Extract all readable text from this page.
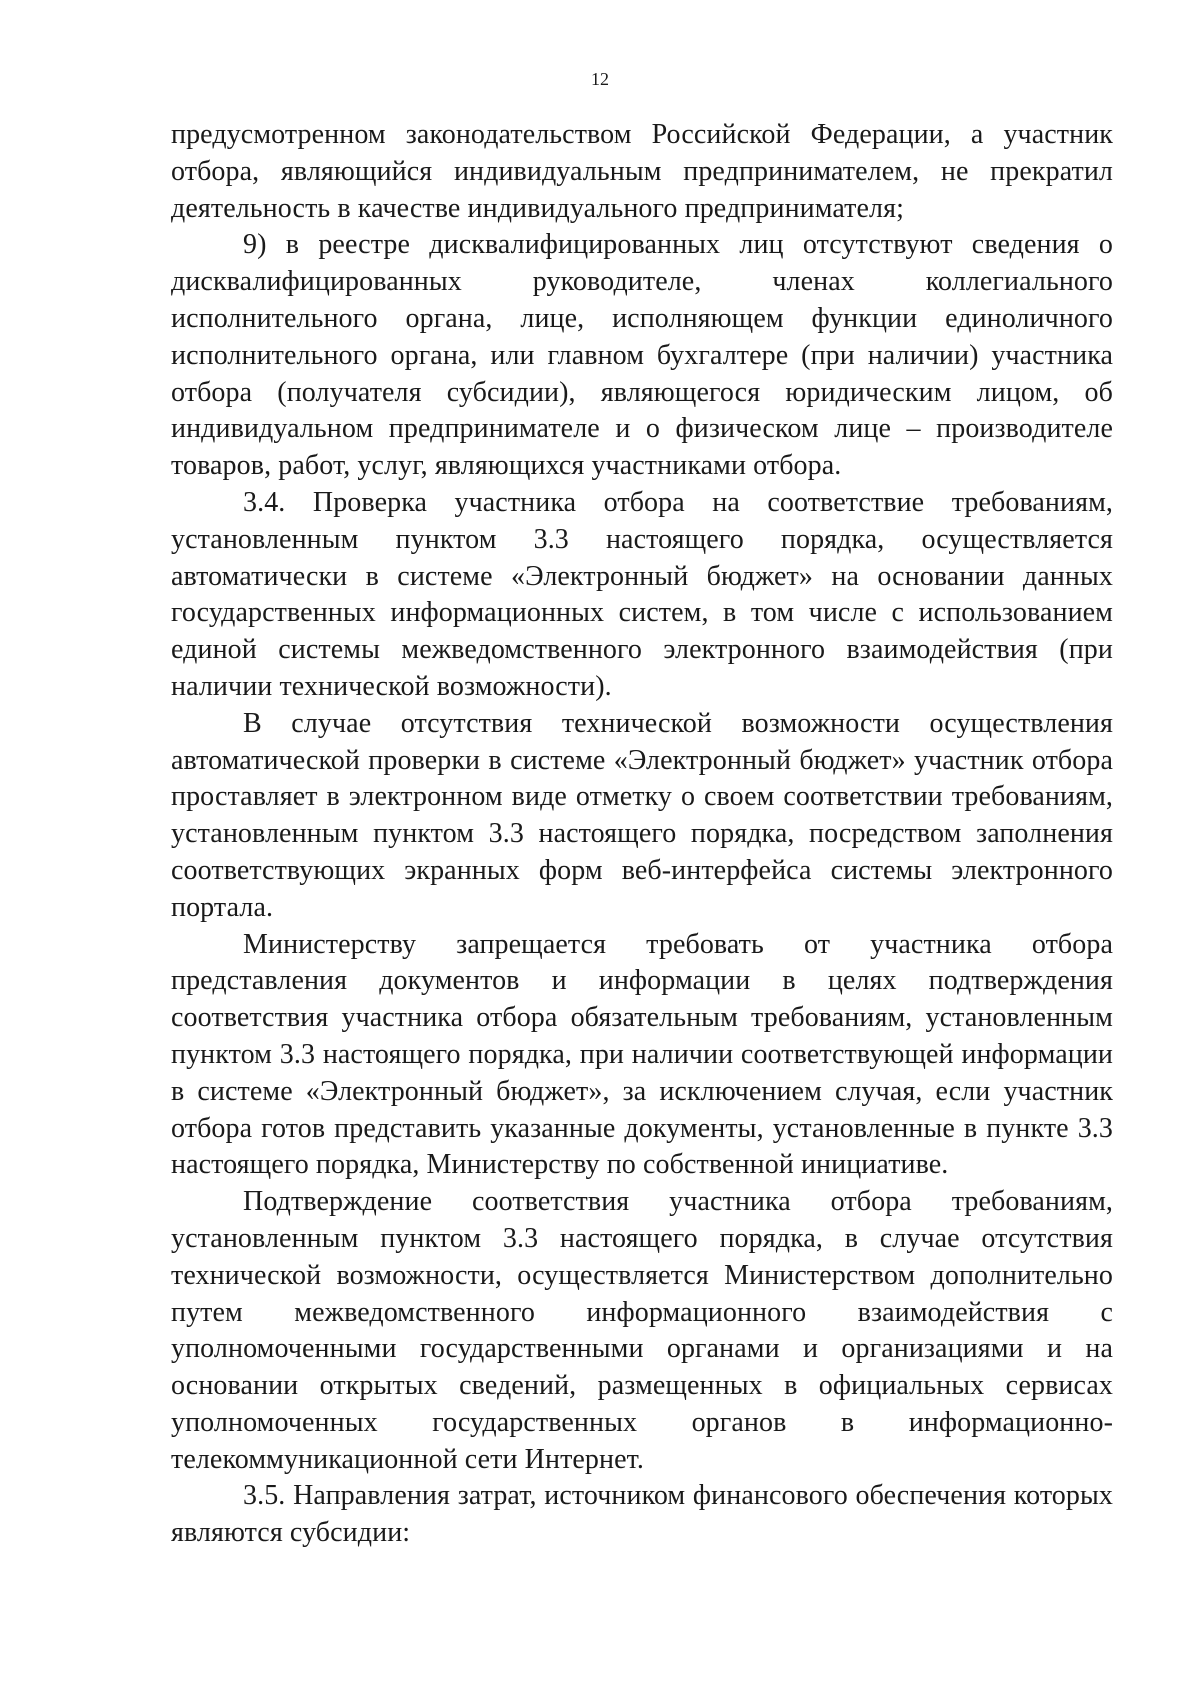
12

предусмотренном законодательством Российской Федерации, а участник отбора, являющийся индивидуальным предпринимателем, не прекратил деятельность в качестве индивидуального предпринимателя;

9) в реестре дисквалифицированных лиц отсутствуют сведения о дисквалифицированных руководителе, членах коллегиального исполнительного органа, лице, исполняющем функции единоличного исполнительного органа, или главном бухгалтере (при наличии) участника отбора (получателя субсидии), являющегося юридическим лицом, об индивидуальном предпринимателе и о физическом лице – производителе товаров, работ, услуг, являющихся участниками отбора.

3.4. Проверка участника отбора на соответствие требованиям, установленным пунктом 3.3 настоящего порядка, осуществляется автоматически в системе «Электронный бюджет» на основании данных государственных информационных систем, в том числе с использованием единой системы межведомственного электронного взаимодействия (при наличии технической возможности).

В случае отсутствия технической возможности осуществления автоматической проверки в системе «Электронный бюджет» участник отбора проставляет в электронном виде отметку о своем соответствии требованиям, установленным пунктом 3.3 настоящего порядка, посредством заполнения соответствующих экранных форм веб-интерфейса системы электронного портала.

Министерству запрещается требовать от участника отбора представления документов и информации в целях подтверждения соответствия участника отбора обязательным требованиям, установленным пунктом 3.3 настоящего порядка, при наличии соответствующей информации в системе «Электронный бюджет», за исключением случая, если участник отбора готов представить указанные документы, установленные в пункте 3.3 настоящего порядка, Министерству по собственной инициативе.

Подтверждение соответствия участника отбора требованиям, установленным пунктом 3.3 настоящего порядка, в случае отсутствия технической возможности, осуществляется Министерством дополнительно путем межведомственного информационного взаимодействия с уполномоченными государственными органами и организациями и на основании открытых сведений, размещенных в официальных сервисах уполномоченных государственных органов в информационно-телекоммуникационной сети Интернет.

3.5. Направления затрат, источником финансового обеспечения которых являются субсидии:
